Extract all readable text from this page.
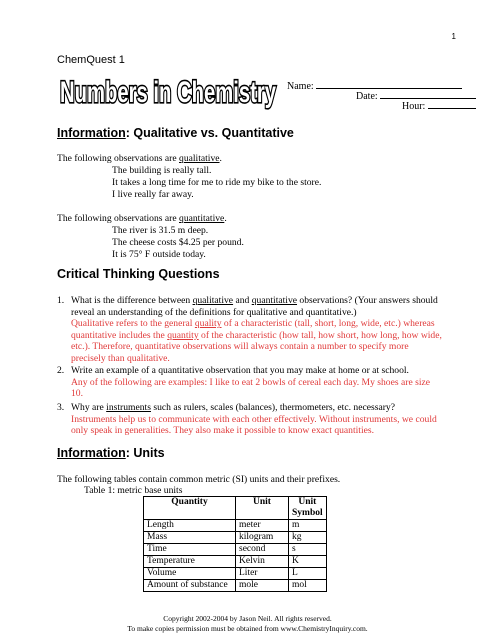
1
ChemQuest 1
Numbers in Chemistry Name:
Date:
Hour:
Information: Qualitative vs. Quantitative
The following observations are qualitative.
The building is really tall.
It takes a long time for me to ride my bike to the store.
I live really far away.
The following observations are quantitative.
The river is 31.5 m deep.
The cheese costs $4.25 per pound.
It is 75° F outside today.
Critical Thinking Questions
1. What is the difference between qualitative and quantitative observations? (Your answers should
reveal an understanding of the definitions for qualitative and quantitative.)
Qualitative refers to the general quality of a characteristic (tall, short, long, wide, etc.) whereas
quantitative includes the quantity of the characteristic (how tall, how short, how long, how wide,
etc.). Therefore, quantitative observations will always contain a number to specify more
precisely than qualitative.
2. Write an example of a quantitative observation that you may make at home or at school.
Any of the following are examples: I like to eat 2 bowls of cereal each day. My shoes are size
10.
3. Why are instruments such as rulers, scales (balances), thermometers, etc. necessary?
Instruments help us to communicate with each other effectively. Without instruments, we could
only speak in generalities. They also make it possible to know exact quantities.
Information: Units
The following tables contain common metric (SI) units and their prefixes.
Table 1: metric base units
Quantity	Unit	Unit Symbol
Length	meter	m
Mass	kilogram	kg
Time	second	s
Temperature	Kelvin	K
Volume	Liter	L
Amount of substance	mole	mol
Copyright 2002-2004 by Jason Neil. All rights reserved.
To make copies permission must be obtained from www.ChemistryInquiry.com.
